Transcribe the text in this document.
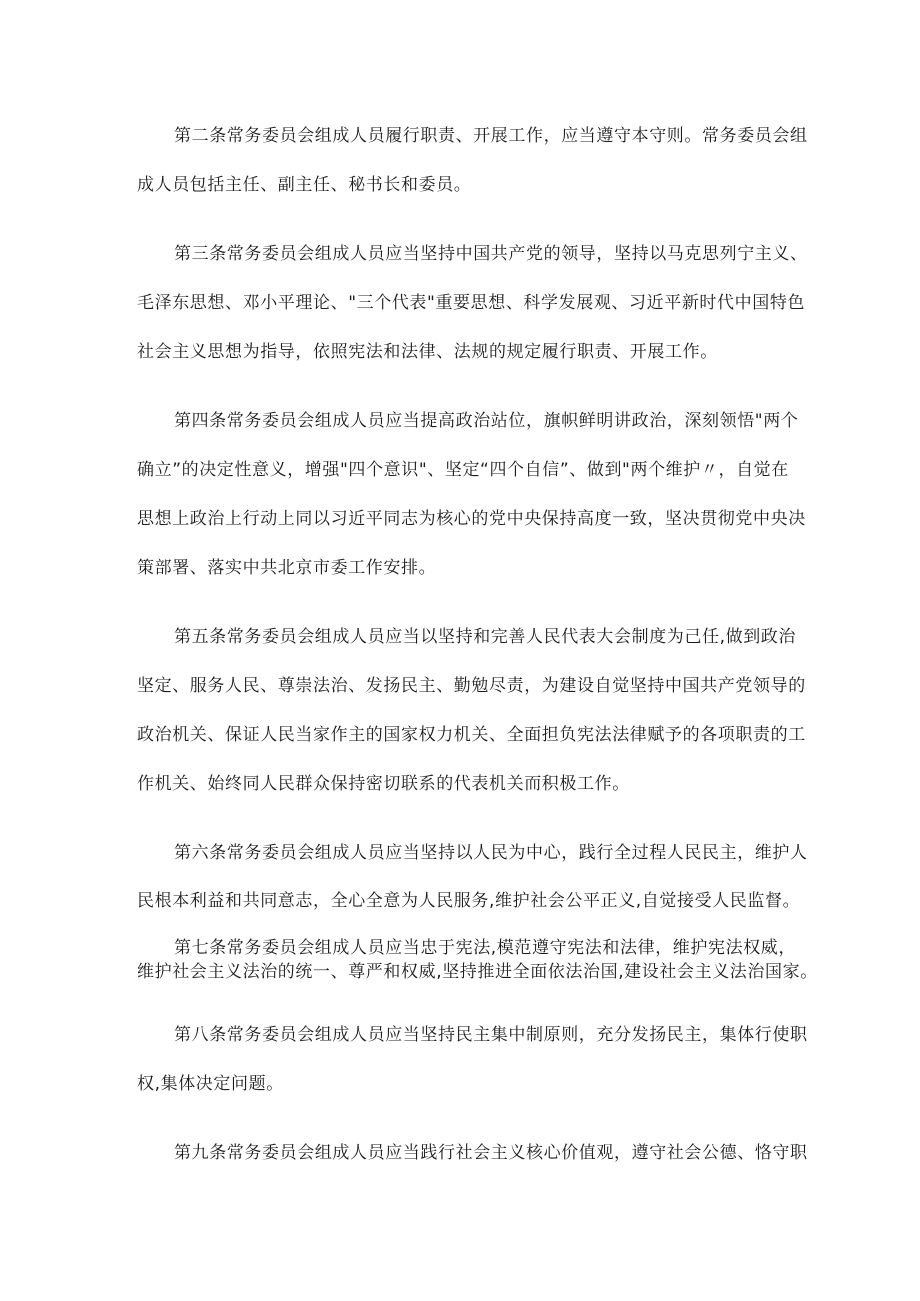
第二条常务委员会组成人员履行职责、开展工作，应当遵守本守则。常务委员会组
成人员包括主任、副主任、秘书长和委员。
第三条常务委员会组成人员应当坚持中国共产党的领导，坚持以马克思列宁主义、
毛泽东思想、邓小平理论、"三个代表"重要思想、科学发展观、习近平新时代中国特色
社会主义思想为指导，依照宪法和法律、法规的规定履行职责、开展工作。
第四条常务委员会组成人员应当提高政治站位，旗帜鲜明讲政治，深刻领悟"两个
确立”的决定性意义，增强"四个意识"、坚定“四个自信”、做到"两个维护〃，自觉在
思想上政治上行动上同以习近平同志为核心的党中央保持高度一致，坚决贯彻党中央决
策部署、落实中共北京市委工作安排。
第五条常务委员会组成人员应当以坚持和完善人民代表大会制度为己任,做到政治
坚定、服务人民、尊崇法治、发扬民主、勤勉尽责，为建设自觉坚持中国共产党领导的
政治机关、保证人民当家作主的国家权力机关、全面担负宪法法律赋予的各项职责的工
作机关、始终同人民群众保持密切联系的代表机关而积极工作。
第六条常务委员会组成人员应当坚持以人民为中心，践行全过程人民民主，维护人
民根本利益和共同意志，全心全意为人民服务,维护社会公平正义,自觉接受人民监督。
第七条常务委员会组成人员应当忠于宪法,模范遵守宪法和法律，维护宪法权威，
维护社会主义法治的统一、尊严和权威,坚持推进全面依法治国,建设社会主义法治国家。
第八条常务委员会组成人员应当坚持民主集中制原则，充分发扬民主，集体行使职
权,集体决定问题。
第九条常务委员会组成人员应当践行社会主义核心价值观，遵守社会公德、恪守职
